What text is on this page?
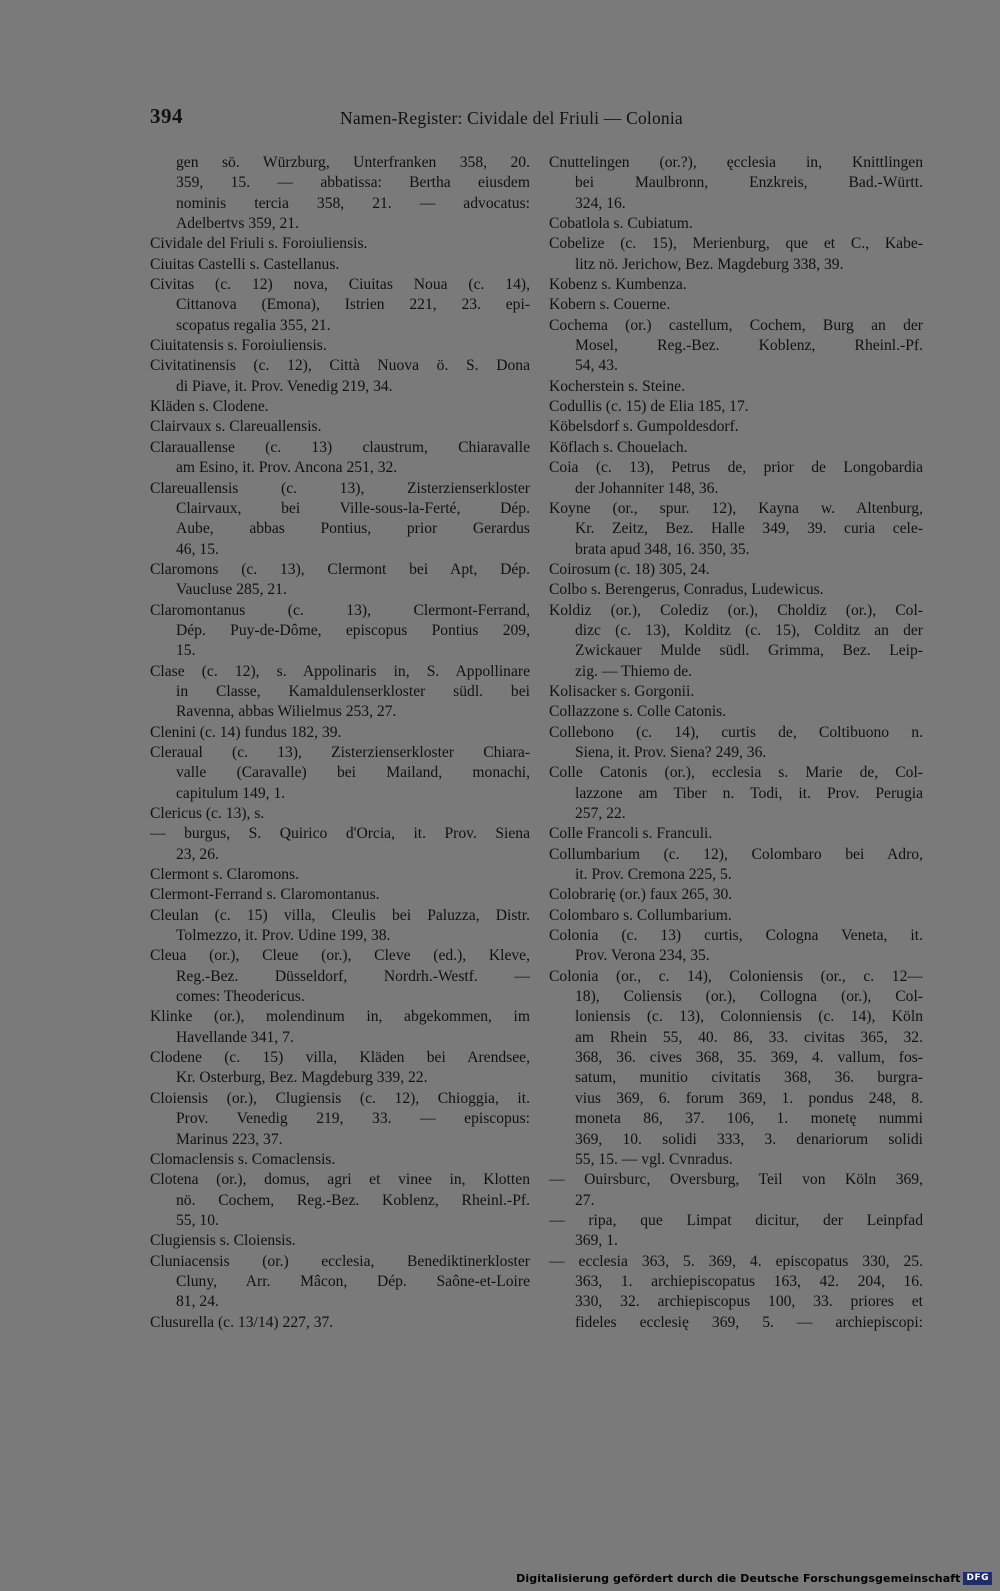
394	Namen-Register: Cividale del Friuli — Colonia
gen sö. Würzburg, Unterfranken 358, 20.
359, 15. — abbatissa: Bertha eiusdem
nominis tercia 358, 21. — advocatus:
Adelbertvs 359, 21.
Cividale del Friuli s. Foroiuliensis.
Ciuitas Castelli s. Castellanus.
Civitas (c. 12) nova, Ciuitas Noua (c. 14),
Cittanova (Emona), Istrien 221, 23. epi-
scopatus regalia 355, 21.
Ciuitatensis s. Foroiuliensis.
Civitatinensis (c. 12), Città Nuova ö. S. Dona
di Piave, it. Prov. Venedig 219, 34.
Kläden s. Clodene.
Clairvaux s. Clareuallensis.
Clarauallense (c. 13) claustrum, Chiaravalle
am Esino, it. Prov. Ancona 251, 32.
Clareuallensis (c. 13), Zisterzienserkloster
Clairvaux, bei Ville-sous-la-Ferté, Dép.
Aube, abbas Pontius, prior Gerardus
46, 15.
Claromons (c. 13), Clermont bei Apt, Dép.
Vaucluse 285, 21.
Claromontanus (c. 13), Clermont-Ferrand,
Dép. Puy-de-Dôme, episcopus Pontius 209,
15.
Clase (c. 12), s. Appolinaris in, S. Appollinare
in Classe, Kamaldulenserkloster südl. bei
Ravenna, abbas Wilielmus 253, 27.
Clenini (c. 14) fundus 182, 39.
Cleraual (c. 13), Zisterzienserkloster Chiara-
valle (Caravalle) bei Mailand, monachi,
capitulum 149, 1.
Clericus (c. 13), s.
— burgus, S. Quirico d'Orcia, it. Prov. Siena
23, 26.
Clermont s. Claromons.
Clermont-Ferrand s. Claromontanus.
Cleulan (c. 15) villa, Cleulis bei Paluzza, Distr.
Tolmezzo, it. Prov. Udine 199, 38.
Cleua (or.), Cleue (or.), Cleve (ed.), Kleve,
Reg.-Bez. Düsseldorf, Nordrh.-Westf. —
comes: Theodericus.
Klinke (or.), molendinum in, abgekommen, im
Havellande 341, 7.
Clodene (c. 15) villa, Kläden bei Arendsee,
Kr. Osterburg, Bez. Magdeburg 339, 22.
Cloiensis (or.), Clugiensis (c. 12), Chioggia, it.
Prov. Venedig 219, 33. — episcopus:
Marinus 223, 37.
Clomaclensis s. Comaclensis.
Clotena (or.), domus, agri et vinee in, Klotten
nö. Cochem, Reg.-Bez. Koblenz, Rheinl.-Pf.
55, 10.
Clugiensis s. Cloiensis.
Cluniacensis (or.) ecclesia, Benediktinerkloster
Cluny, Arr. Mâcon, Dép. Saône-et-Loire
81, 24.
Clusurella (c. 13/14) 227, 37.
Cnuttelingen (or.?), ęcclesia in, Knittlingen
bei Maulbronn, Enzkreis, Bad.-Württ.
324, 16.
Cobatlola s. Cubiatum.
Cobelize (c. 15), Merienburg, que et C., Kabe-
litz nö. Jerichow, Bez. Magdeburg 338, 39.
Kobenz s. Kumbenza.
Kobern s. Couerne.
Cochema (or.) castellum, Cochem, Burg an der
Mosel, Reg.-Bez. Koblenz, Rheinl.-Pf.
54, 43.
Kocherstein s. Steine.
Codullis (c. 15) de Elia 185, 17.
Köbelsdorf s. Gumpoldesdorf.
Köflach s. Chouelach.
Coia (c. 13), Petrus de, prior de Longobardia
der Johanniter 148, 36.
Koyne (or., spur. 12), Kayna w. Altenburg,
Kr. Zeitz, Bez. Halle 349, 39. curia cele-
brata apud 348, 16. 350, 35.
Coirosum (c. 18) 305, 24.
Colbo s. Berengerus, Conradus, Ludewicus.
Koldiz (or.), Colediz (or.), Choldiz (or.), Col-
dizc (c. 13), Kolditz (c. 15), Colditz an der
Zwickauer Mulde südl. Grimma, Bez. Leip-
zig. — Thiemo de.
Kolisacker s. Gorgonii.
Collazzone s. Colle Catonis.
Collebono (c. 14), curtis de, Coltibuono n.
Siena, it. Prov. Siena? 249, 36.
Colle Catonis (or.), ecclesia s. Marie de, Col-
lazzone am Tiber n. Todi, it. Prov. Perugia
257, 22.
Colle Francoli s. Franculi.
Collumbarium (c. 12), Colombaro bei Adro,
it. Prov. Cremona 225, 5.
Colobrarię (or.) faux 265, 30.
Colombaro s. Collumbarium.
Colonia (c. 13) curtis, Cologna Veneta, it.
Prov. Verona 234, 35.
Colonia (or., c. 14), Coloniensis (or., c. 12—
18), Coliensis (or.), Collogna (or.), Col-
loniensis (c. 13), Colonniensis (c. 14), Köln
am Rhein 55, 40. 86, 33. civitas 365, 32.
368, 36. cives 368, 35. 369, 4. vallum, fos-
satum, munitio civitatis 368, 36. burgra-
vius 369, 6. forum 369, 1. pondus 248, 8.
moneta 86, 37. 106, 1. monetę nummi
369, 10. solidi 333, 3. denariorum solidi
55, 15. — vgl. Cvnradus.
— Ouirsburc, Oversburg, Teil von Köln 369,
27.
— ripa, que Limpat dicitur, der Leinpfad
369, 1.
— ecclesia 363, 5. 369, 4. episcopatus 330, 25.
363, 1. archiepiscopatus 163, 42. 204, 16.
330, 32. archiepiscopus 100, 33. priores et
fideles ecclesię 369, 5. — archiepiscopi:
Digitalisierung gefördert durch die Deutsche Forschungsgemeinschaft DFG
